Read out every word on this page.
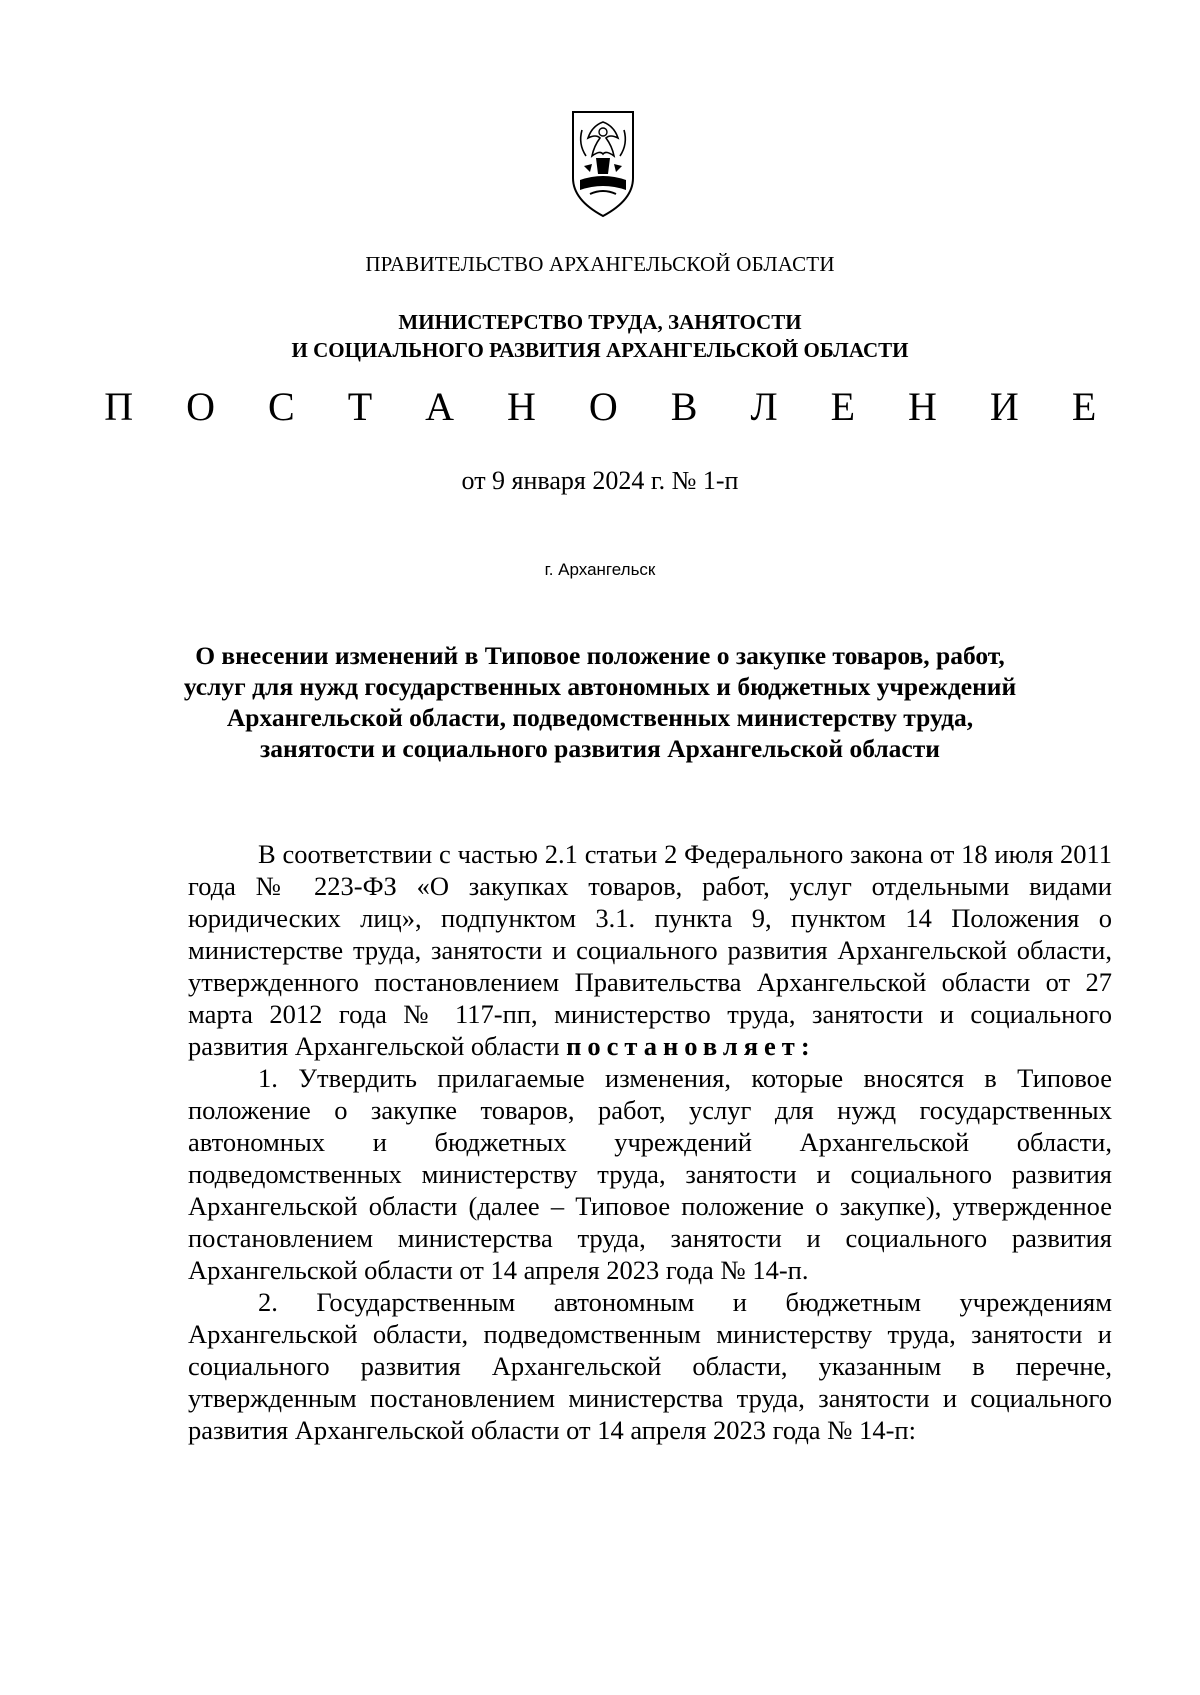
ПРАВИТЕЛЬСТВО АРХАНГЕЛЬСКОЙ ОБЛАСТИ
МИНИСТЕРСТВО ТРУДА, ЗАНЯТОСТИ
И СОЦИАЛЬНОГО РАЗВИТИЯ АРХАНГЕЛЬСКОЙ ОБЛАСТИ
П О С Т А Н О В Л Е Н И Е
от 9 января 2024 г. № 1-п
г. Архангельск
О внесении изменений в Типовое положение о закупке товаров, работ,
услуг для нужд государственных автономных и бюджетных учреждений
Архангельской области, подведомственных министерству труда,
занятости и социального развития Архангельской области

В соответствии с частью 2.1 статьи 2 Федерального закона от 18 июля 2011 года № 223-ФЗ «О закупках товаров, работ, услуг отдельными видами юридических лиц», подпунктом 3.1. пункта 9, пунктом 14 Положения о министерстве труда, занятости и социального развития Архангельской области, утвержденного постановлением Правительства Архангельской области от 27 марта 2012 года № 117-пп, министерство труда, занятости и социального развития Архангельской области постановляет:

1. Утвердить прилагаемые изменения, которые вносятся в Типовое положение о закупке товаров, работ, услуг для нужд государственных автономных и бюджетных учреждений Архангельской области, подведомственных министерству труда, занятости и социального развития Архангельской области (далее – Типовое положение о закупке), утвержденное постановлением министерства труда, занятости и социального развития Архангельской области от 14 апреля 2023 года № 14-п.

2. Государственным автономным и бюджетным учреждениям Архангельской области, подведомственным министерству труда, занятости и социального развития Архангельской области, указанным в перечне, утвержденным постановлением министерства труда, занятости и социального развития Архангельской области от 14 апреля 2023 года № 14-п:
